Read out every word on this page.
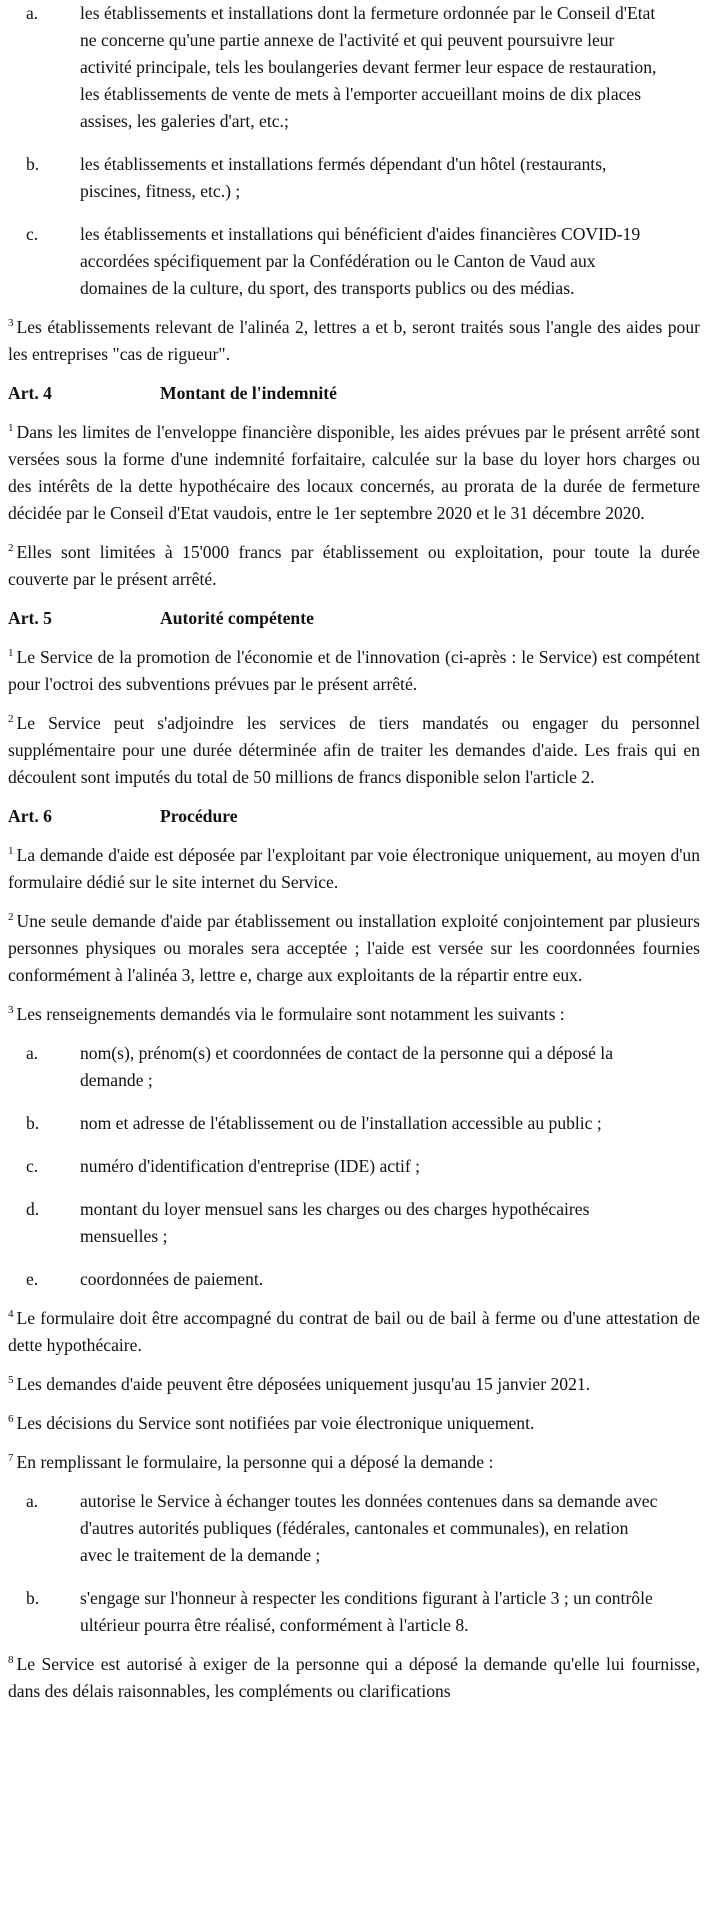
a.	les établissements et installations dont la fermeture ordonnée par le Conseil d'Etat ne concerne qu'une partie annexe de l'activité et qui peuvent poursuivre leur activité principale, tels les boulangeries devant fermer leur espace de restauration, les établissements de vente de mets à l'emporter accueillant moins de dix places assises, les galeries d'art, etc.;
b.	les établissements et installations fermés dépendant d'un hôtel (restaurants, piscines, fitness, etc.) ;
c.	les établissements et installations qui bénéficient d'aides financières COVID-19 accordées spécifiquement par la Confédération ou le Canton de Vaud aux domaines de la culture, du sport, des transports publics ou des médias.
$^3$ Les établissements relevant de l'alinéa 2, lettres a et b, seront traités sous l'angle des aides pour les entreprises "cas de rigueur".
Art. 4	Montant de l'indemnité
$^1$ Dans les limites de l'enveloppe financière disponible, les aides prévues par le présent arrêté sont versées sous la forme d'une indemnité forfaitaire, calculée sur la base du loyer hors charges ou des intérêts de la dette hypothécaire des locaux concernés, au prorata de la durée de fermeture décidée par le Conseil d'Etat vaudois, entre le 1er septembre 2020 et le 31 décembre 2020.
$^2$ Elles sont limitées à 15'000 francs par établissement ou exploitation, pour toute la durée couverte par le présent arrêté.
Art. 5	Autorité compétente
$^1$ Le Service de la promotion de l'économie et de l'innovation (ci-après : le Service) est compétent pour l'octroi des subventions prévues par le présent arrêté.
$^2$ Le Service peut s'adjoindre les services de tiers mandatés ou engager du personnel supplémentaire pour une durée déterminée afin de traiter les demandes d'aide. Les frais qui en découlent sont imputés du total de 50 millions de francs disponible selon l'article 2.
Art. 6	Procédure
$^1$ La demande d'aide est déposée par l'exploitant par voie électronique uniquement, au moyen d'un formulaire dédié sur le site internet du Service.
$^2$ Une seule demande d'aide par établissement ou installation exploité conjointement par plusieurs personnes physiques ou morales sera acceptée ; l'aide est versée sur les coordonnées fournies conformément à l'alinéa 3, lettre e, charge aux exploitants de la répartir entre eux.
$^3$ Les renseignements demandés via le formulaire sont notamment les suivants :
a.	nom(s), prénom(s) et coordonnées de contact de la personne qui a déposé la demande ;
b.	nom et adresse de l'établissement ou de l'installation accessible au public ;
c.	numéro d'identification d'entreprise (IDE) actif ;
d.	montant du loyer mensuel sans les charges ou des charges hypothécaires mensuelles ;
e.	coordonnées de paiement.
$^4$ Le formulaire doit être accompagné du contrat de bail ou de bail à ferme ou d'une attestation de dette hypothécaire.
$^5$ Les demandes d'aide peuvent être déposées uniquement jusqu'au 15 janvier 2021.
$^6$ Les décisions du Service sont notifiées par voie électronique uniquement.
$^7$ En remplissant le formulaire, la personne qui a déposé la demande :
a.	autorise le Service à échanger toutes les données contenues dans sa demande avec d'autres autorités publiques (fédérales, cantonales et communales), en relation avec le traitement de la demande ;
b.	s'engage sur l'honneur à respecter les conditions figurant à l'article 3 ; un contrôle ultérieur pourra être réalisé, conformément à l'article 8.
$^8$ Le Service est autorisé à exiger de la personne qui a déposé la demande qu'elle lui fournisse, dans des délais raisonnables, les compléments ou clarifications
